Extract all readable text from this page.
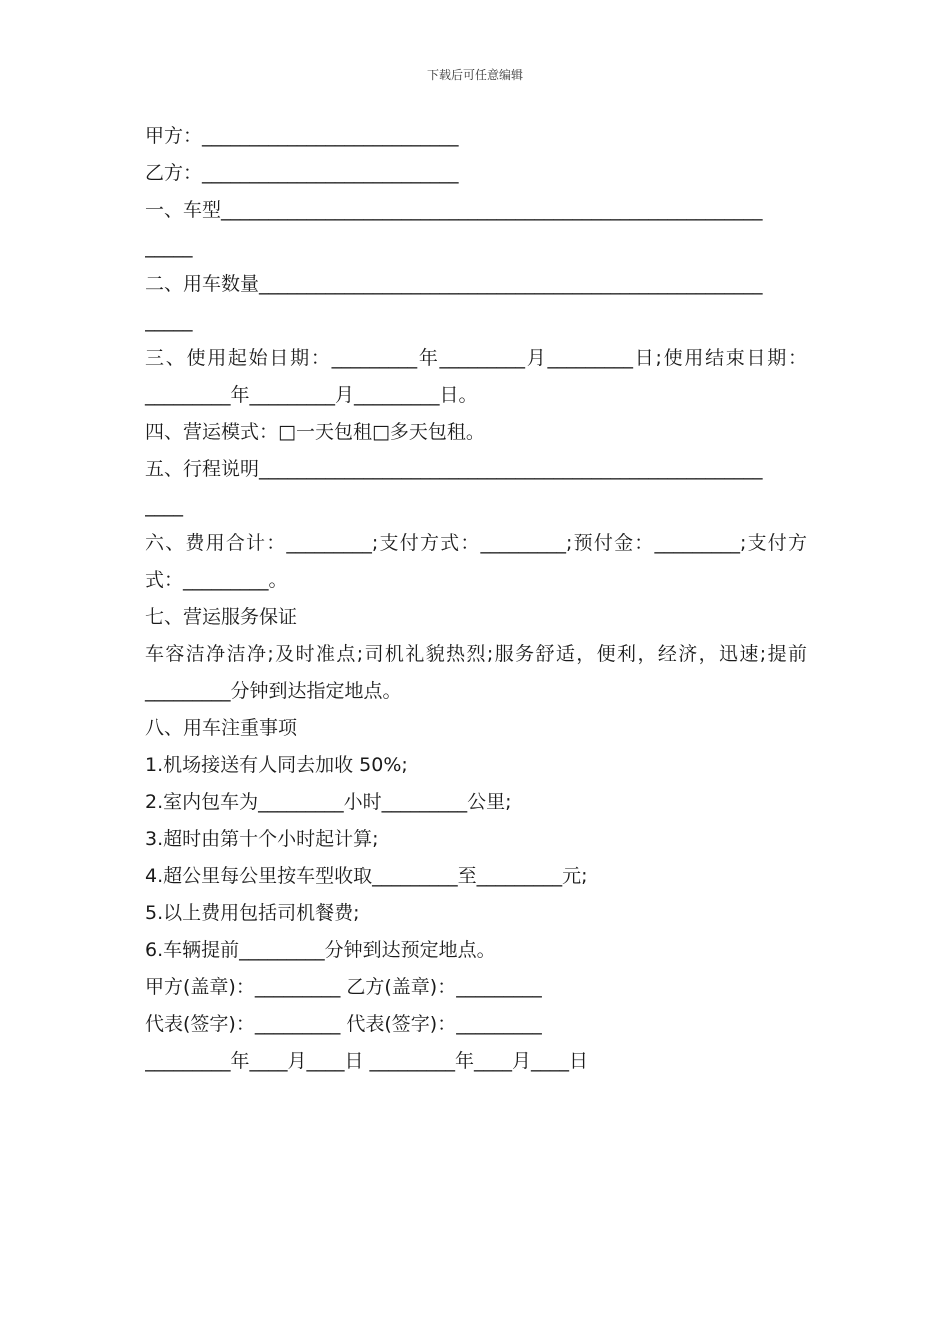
下载后可任意编辑
甲方：___________________________
乙方：___________________________
一、车型_________________________________________________________
_____
二、用车数量_____________________________________________________
_____
三、使用起始日期：_________年_________月_________日;使用结束日期：_________年_________月_________日。
四、营运模式：□一天包租□多天包租。
五、行程说明_____________________________________________________
____
六、费用合计：_________;支付方式：_________;预付金：_________;支付方式：_________。
七、营运服务保证
车容洁净洁净;及时准点;司机礼貌热烈;服务舒适，便利，经济，迅速;提前_________分钟到达指定地点。
八、用车注重事项
1.机场接送有人同去加收 50%;
2.室内包车为_________小时_________公里;
3.超时由第十个小时起计算;
4.超公里每公里按车型收取_________至_________元;
5.以上费用包括司机餐费;
6.车辆提前_________分钟到达预定地点。
甲方(盖章)：_________ 乙方(盖章)：_________
代表(签字)：_________ 代表(签字)：_________
_________年____月____日 _________年____月____日
